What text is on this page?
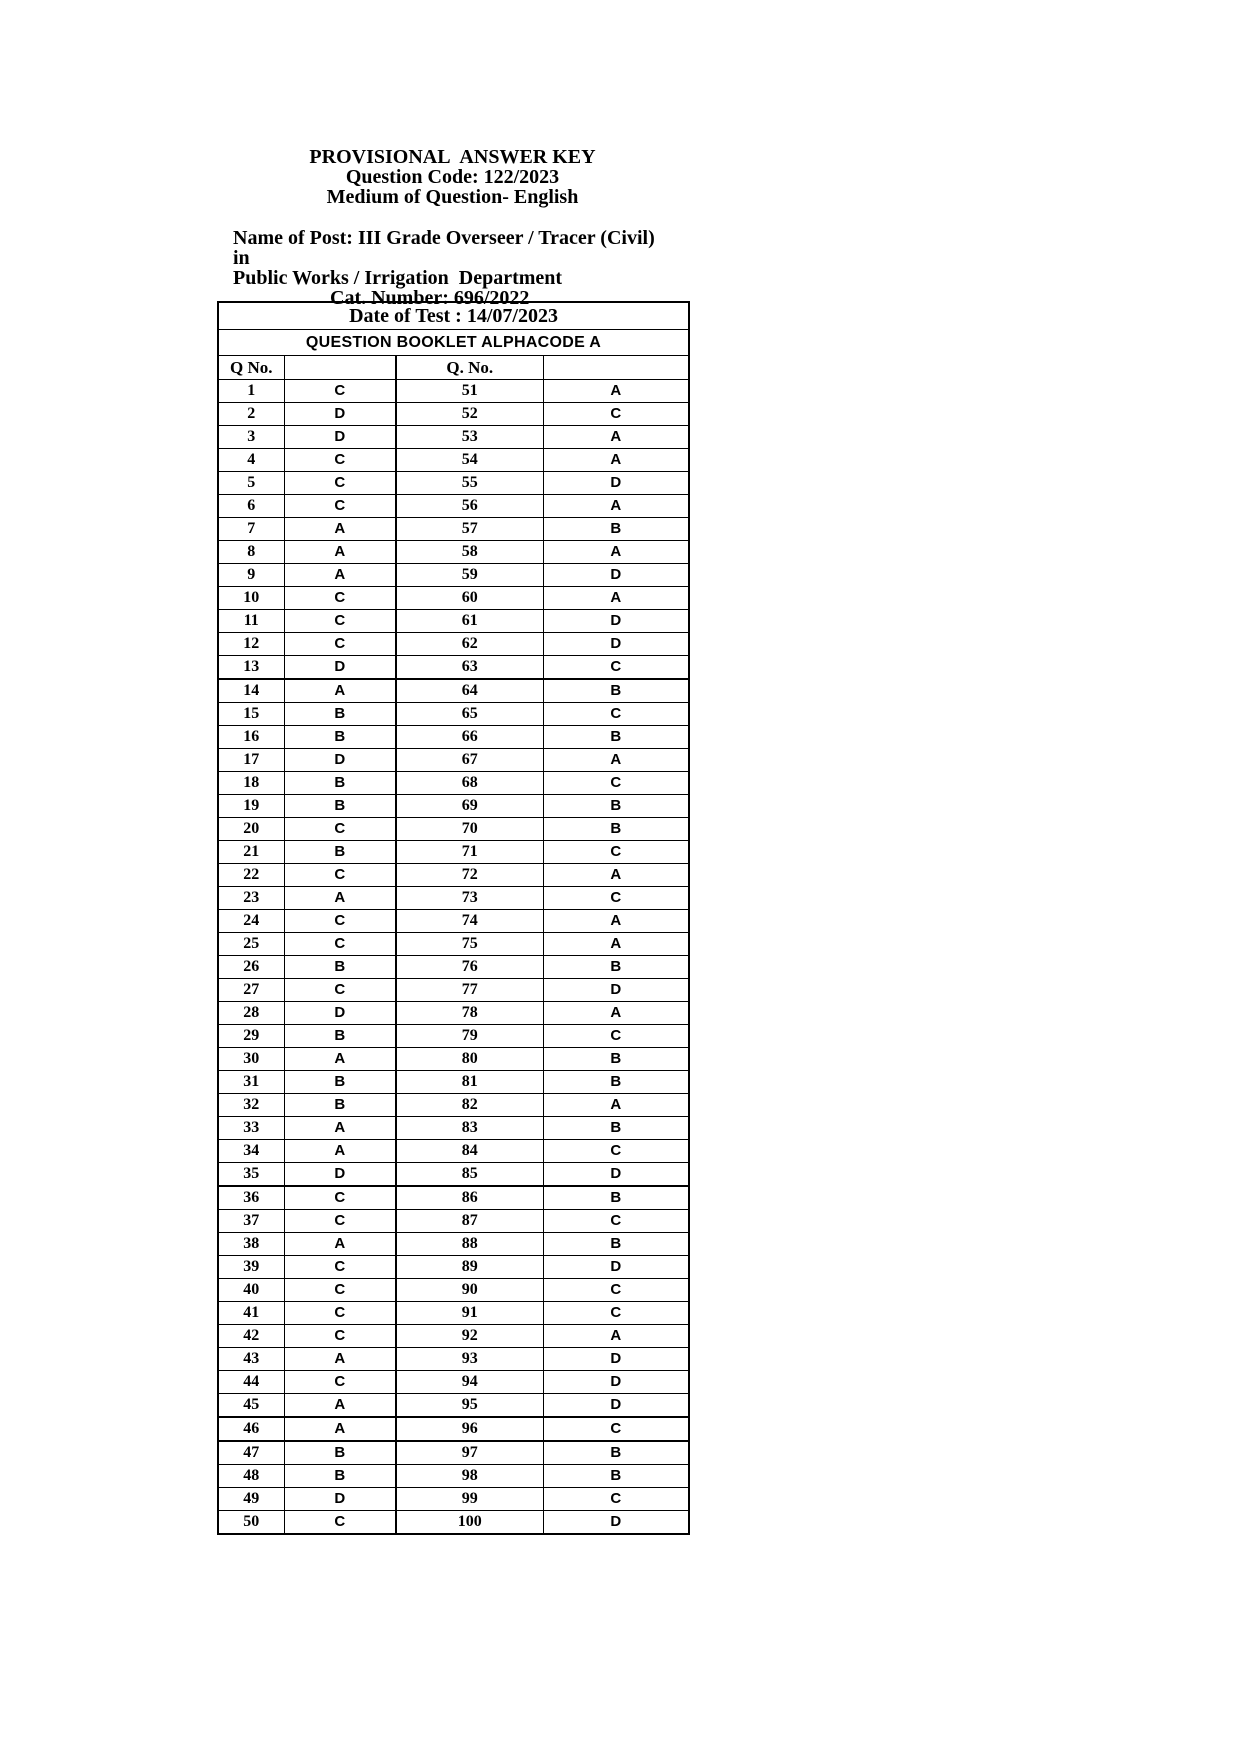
PROVISIONAL  ANSWER KEY
Question Code: 122/2023
Medium of Question- English
Name of Post: III Grade Overseer / Tracer (Civil) in
Public Works / Irrigation  Department
Cat. Number: 696/2022
Date of Test : 14/07/2023			
QUESTION BOOKLET ALPHACODE A			
Q No.		Q. No.	
1	C	51	A
2	D	52	C
3	D	53	A
4	C	54	A
5	C	55	D
6	C	56	A
7	A	57	B
8	A	58	A
9	A	59	D
10	C	60	A
11	C	61	D
12	C	62	D
13	D	63	C
14	A	64	B
15	B	65	C
16	B	66	B
17	D	67	A
18	B	68	C
19	B	69	B
20	C	70	B
21	B	71	C
22	C	72	A
23	A	73	C
24	C	74	A
25	C	75	A
26	B	76	B
27	C	77	D
28	D	78	A
29	B	79	C
30	A	80	B
31	B	81	B
32	B	82	A
33	A	83	B
34	A	84	C
35	D	85	D
36	C	86	B
37	C	87	C
38	A	88	B
39	C	89	D
40	C	90	C
41	C	91	C
42	C	92	A
43	A	93	D
44	C	94	D
45	A	95	D
46	A	96	C
47	B	97	B
48	B	98	B
49	D	99	C
50	C	100	D
